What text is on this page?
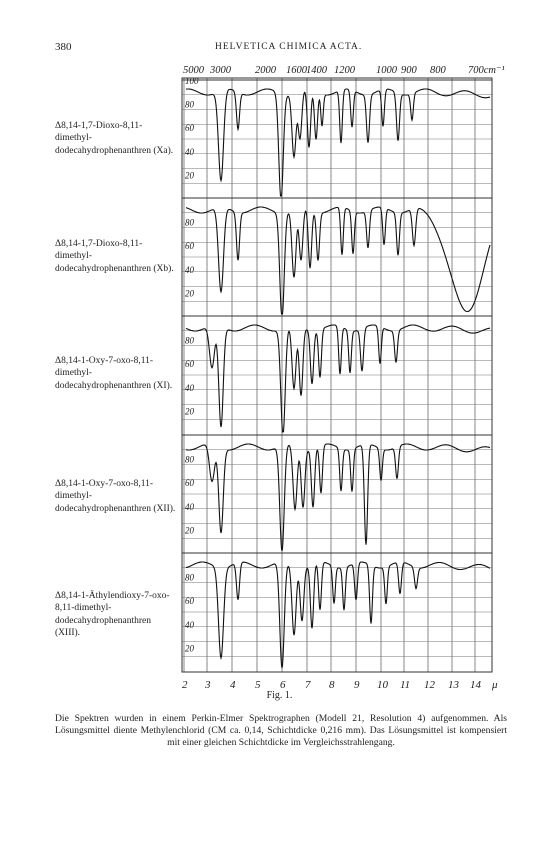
380	HELVETICA CHIMICA ACTA.
5000 3000 2000 1600 1400 1200 1000 900 800 700cm⁻¹
2 3 4 5 6 7 8 9 10 11 12 13 14 μ
100
80
60
40
20
80
60
40
20
80
60
40
20
80
60
40
20
80
60
40
20
Δ8,14-1,7-Dioxo-8,11-dimethyl-dodecahydrophenanthren (Xa).
Δ8,14-1,7-Dioxo-8,11-dimethyl-dodecahydrophenanthren (Xb).
Δ8,14-1-Oxy-7-oxo-8,11-dimethyl-dodecahydrophenanthren (XI).
Δ8,14-1-Oxy-7-oxo-8,11-dimethyl-dodecahydrophenanthren (XII).
Δ8,14-1-Äthylendioxy-7-oxo-8,11-dimethyl-dodecahydrophenanthren (XIII).
Fig. 1.
Die Spektren wurden in einem Perkin-Elmer Spektrographen (Modell 21, Resolution 4) aufgenommen. Als Lösungsmittel diente Methylenchlorid (CM ca. 0,14, Schichtdicke 0,216 mm). Das Lösungsmittel ist kompensiert mit einer gleichen Schichtdicke im Vergleichsstrahlengang.
